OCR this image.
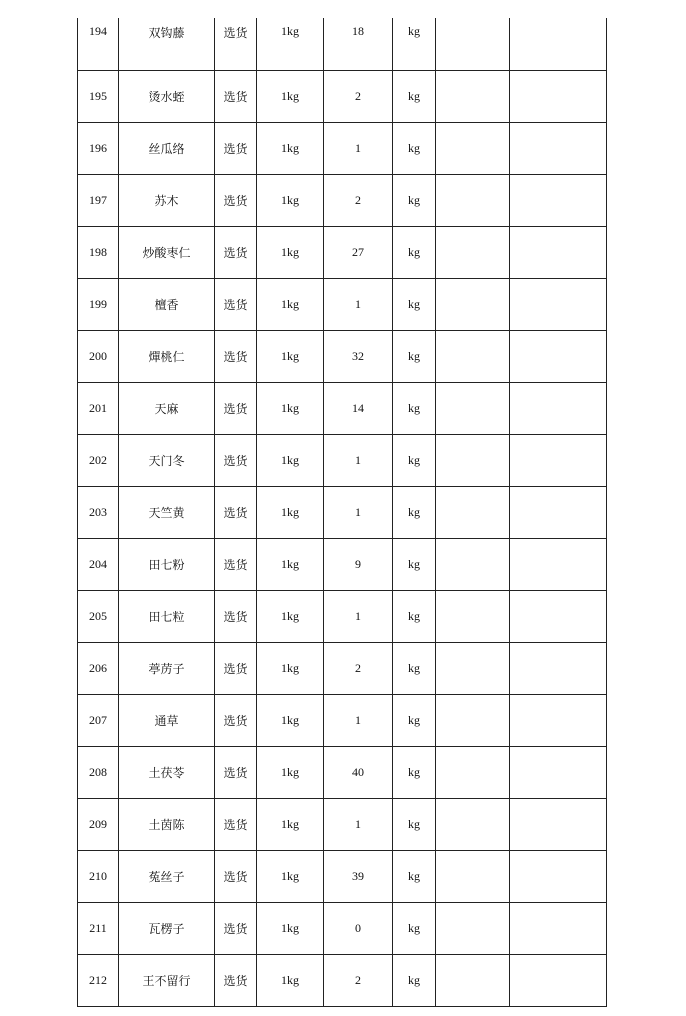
194	双钩藤	选货	1kg	18	kg		
195	烫水蛭	选货	1kg	2	kg		
196	丝瓜络	选货	1kg	1	kg		
197	苏木	选货	1kg	2	kg		
198	炒酸枣仁	选货	1kg	27	kg		
199	檀香	选货	1kg	1	kg		
200	燀桃仁	选货	1kg	32	kg		
201	天麻	选货	1kg	14	kg		
202	天门冬	选货	1kg	1	kg		
203	天竺黄	选货	1kg	1	kg		
204	田七粉	选货	1kg	9	kg		
205	田七粒	选货	1kg	1	kg		
206	葶苈子	选货	1kg	2	kg		
207	通草	选货	1kg	1	kg		
208	土茯苓	选货	1kg	40	kg		
209	土茵陈	选货	1kg	1	kg		
210	菟丝子	选货	1kg	39	kg		
211	瓦楞子	选货	1kg	0	kg		
212	王不留行	选货	1kg	2	kg		
